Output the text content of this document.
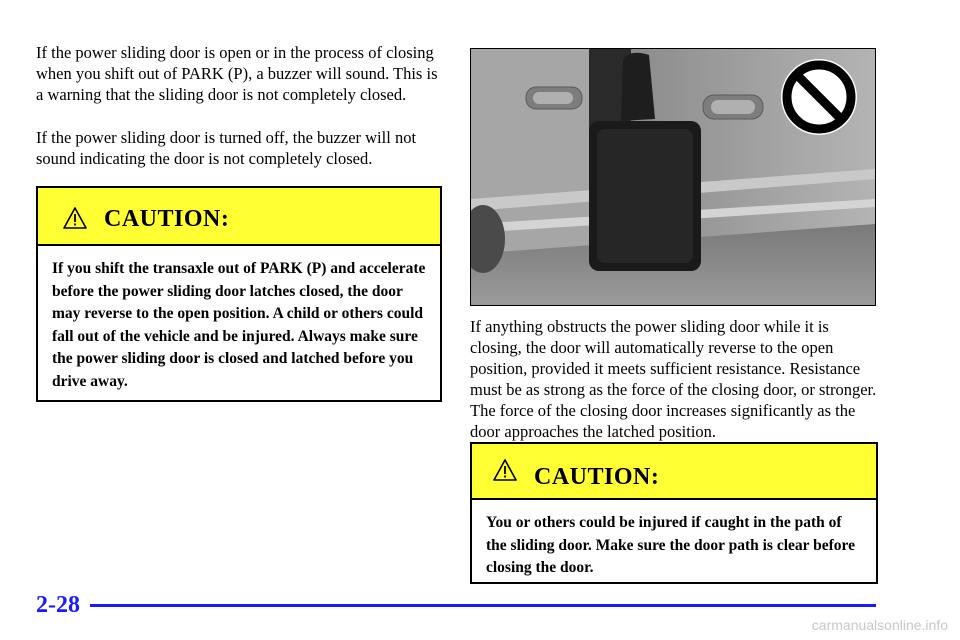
If the power sliding door is open or in the process of closing when you shift out of PARK (P), a buzzer will sound. This is a warning that the sliding door is not completely closed.

If the power sliding door is turned off, the buzzer will not sound indicating the door is not completely closed.

CAUTION:
If you shift the transaxle out of PARK (P) and accelerate before the power sliding door latches closed, the door may reverse to the open position. A child or others could fall out of the vehicle and be injured. Always make sure the power sliding door is closed and latched before you drive away.

If anything obstructs the power sliding door while it is closing, the door will automatically reverse to the open position, provided it meets sufficient resistance. Resistance must be as strong as the force of the closing door, or stronger. The force of the closing door increases significantly as the door approaches the latched position.

CAUTION:
You or others could be injured if caught in the path of the sliding door. Make sure the door path is clear before closing the door.
2-28
carmanualsonline.info
